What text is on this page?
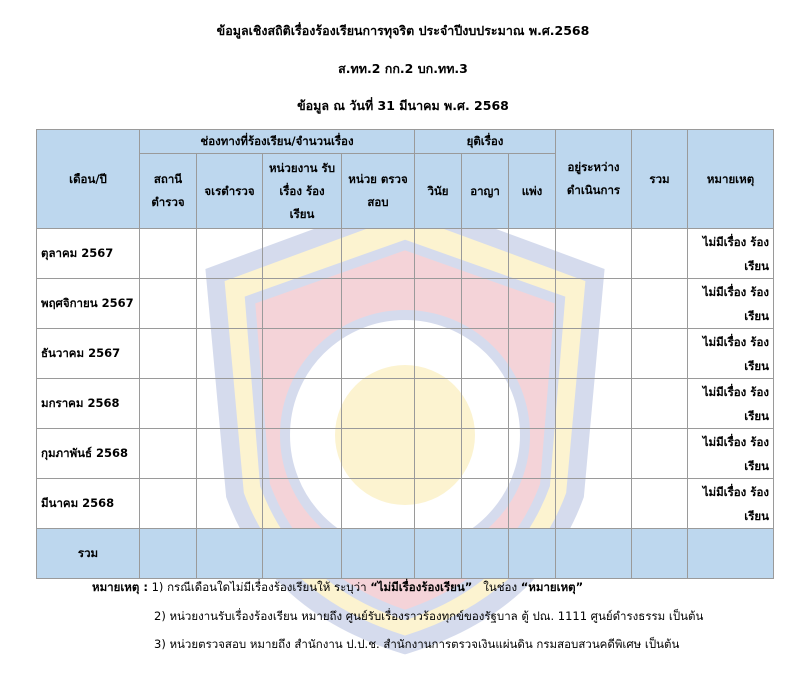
ข้อมูลเชิงสถิติเรื่องร้องเรียนการทุจริต ประจำปีงบประมาณ พ.ศ.2568
ส.ทท.2 กก.2 บก.ทท.3
ข้อมูล ณ วันที่ 31 มีนาคม พ.ศ. 2568
เดือน/ปี	ช่องทางที่ร้องเรียน/จำนวนเรื่อง				ยุติเรื่อง			อยู่ระหว่าง ดำเนินการ	รวม	หมายเหตุ
	สถานี ตำรวจ	จเรตำรวจ	หน่วยงาน รับเรื่อง ร้องเรียน	หน่วย ตรวจสอบ	วินัย	อาญา	แพ่ง			
ตุลาคม 2567										ไม่มีเรื่อง ร้องเรียน
พฤศจิกายน 2567										ไม่มีเรื่อง ร้องเรียน
ธันวาคม 2567										ไม่มีเรื่อง ร้องเรียน
มกราคม 2568										ไม่มีเรื่อง ร้องเรียน
กุมภาพันธ์ 2568										ไม่มีเรื่อง ร้องเรียน
มีนาคม 2568										ไม่มีเรื่อง ร้องเรียน
รวม										
หมายเหตุ : 1) กรณีเดือนใดไม่มีเรื่องร้องเรียนให้ ระบุว่า “ไม่มีเรื่องร้องเรียน” ในช่อง “หมายเหตุ”
2) หน่วยงานรับเรื่องร้องเรียน หมายถึง ศูนย์รับเรื่องราวร้องทุกข์ของรัฐบาล ตู้ ปณ. 1111 ศูนย์ดำรงธรรม เป็นต้น
3) หน่วยตรวจสอบ หมายถึง สำนักงาน ป.ป.ช. สำนักงานการตรวจเงินแผ่นดิน กรมสอบสวนคดีพิเศษ เป็นต้น
